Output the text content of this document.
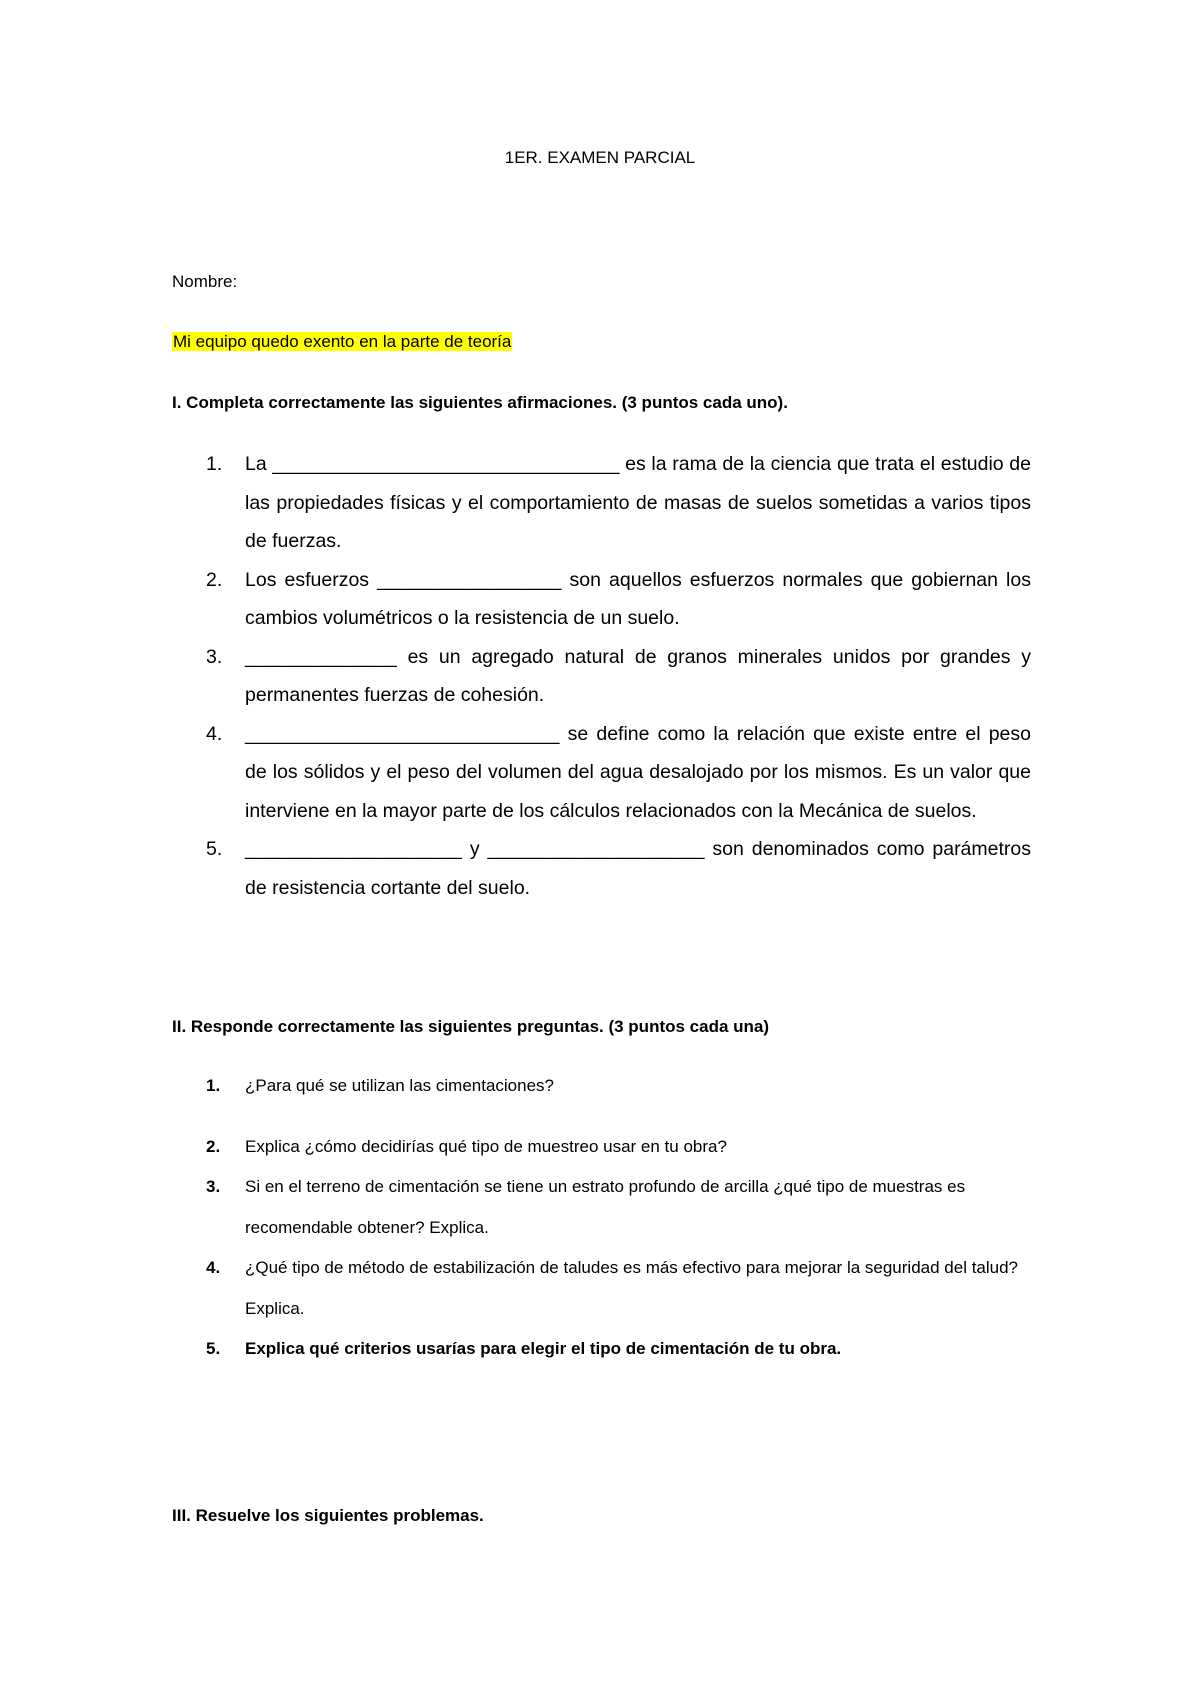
1ER. EXAMEN PARCIAL
Nombre:
Mi equipo quedo exento en la parte de teoría
I. Completa correctamente las siguientes afirmaciones. (3 puntos cada uno).
1. La ________________________________ es la rama de la ciencia que trata el estudio de las propiedades físicas y el comportamiento de masas de suelos sometidas a varios tipos de fuerzas.
2. Los esfuerzos _________________ son aquellos esfuerzos normales que gobiernan los cambios volumétricos o la resistencia de un suelo.
3. ______________ es un agregado natural de granos minerales unidos por grandes y permanentes fuerzas de cohesión.
4. _____________________________ se define como la relación que existe entre el peso de los sólidos y el peso del volumen del agua desalojado por los mismos. Es un valor que interviene en la mayor parte de los cálculos relacionados con la Mecánica de suelos.
5. ____________________ y ____________________ son denominados como parámetros de resistencia cortante del suelo.
II. Responde correctamente las siguientes preguntas. (3 puntos cada una)
1. ¿Para qué se utilizan las cimentaciones?
2. Explica ¿cómo decidirías qué tipo de muestreo usar en tu obra?
3. Si en el terreno de cimentación se tiene un estrato profundo de arcilla ¿qué tipo de muestras es recomendable obtener? Explica.
4. ¿Qué tipo de método de estabilización de taludes es más efectivo para mejorar la seguridad del talud? Explica.
5. Explica qué criterios usarías para elegir el tipo de cimentación de tu obra.
III. Resuelve los siguientes problemas.
